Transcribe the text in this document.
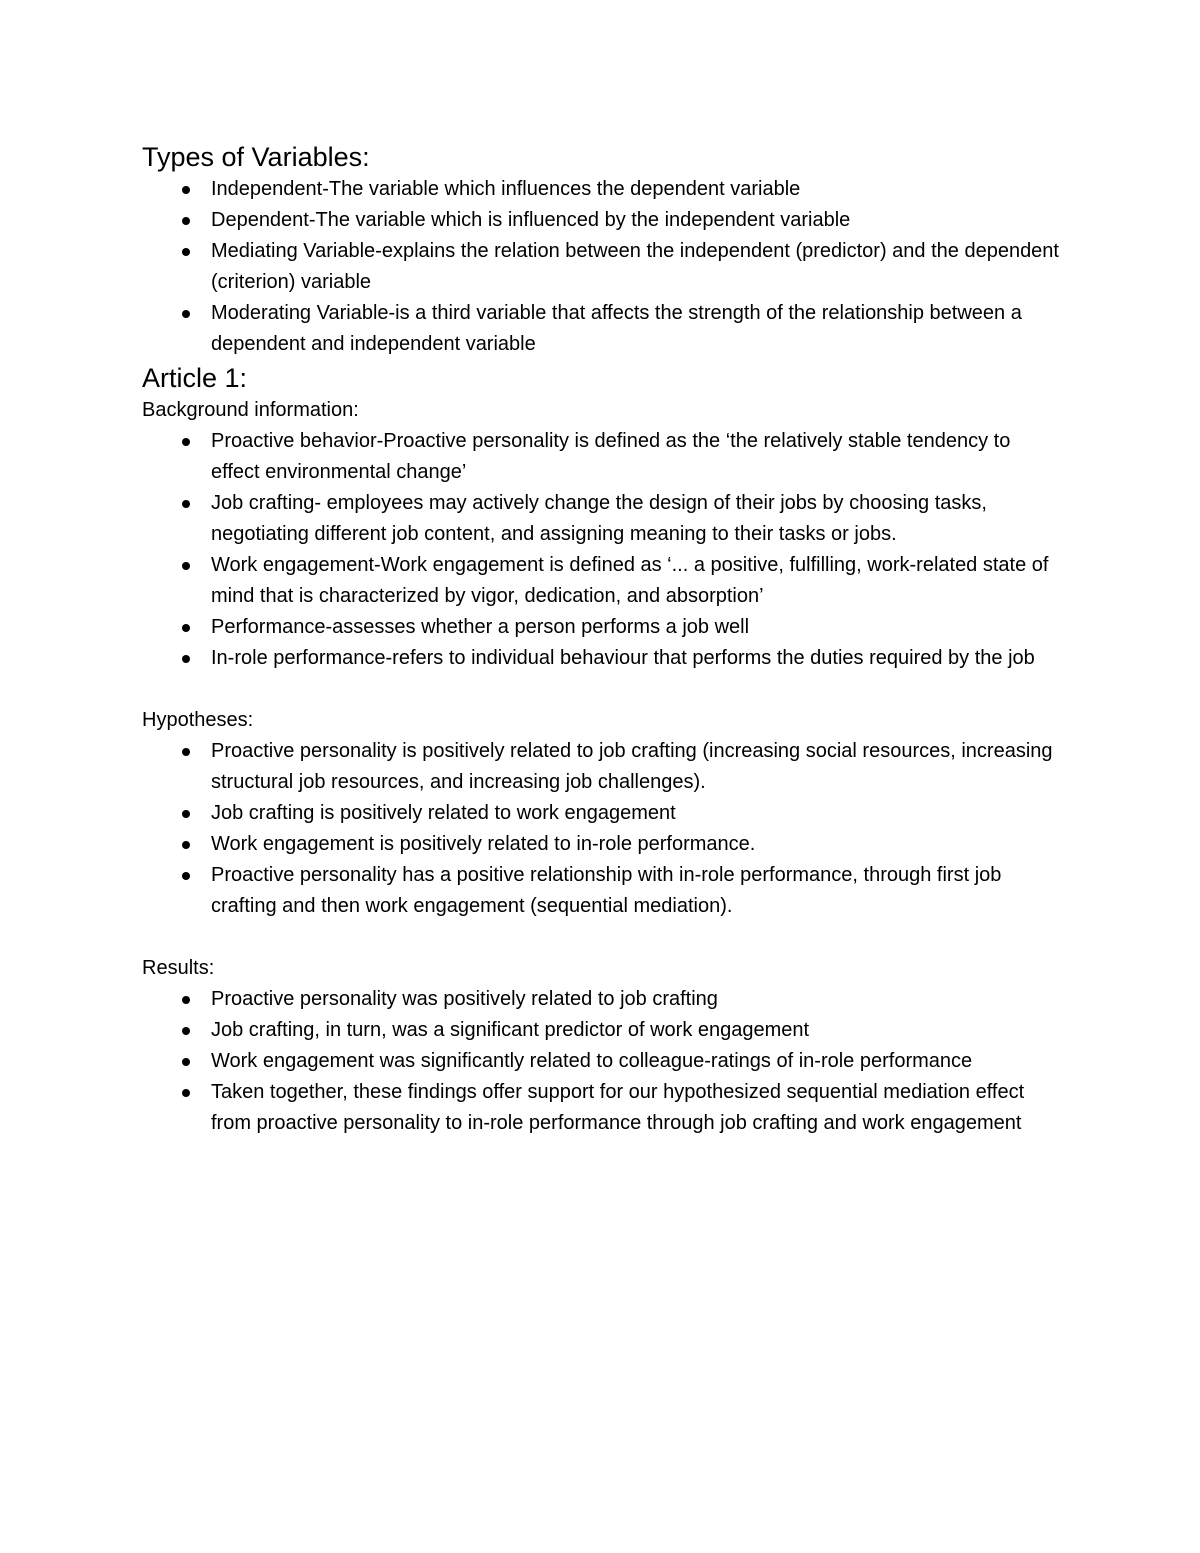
Types of Variables:
Independent-The variable which influences the dependent variable
Dependent-The variable which is influenced by the independent variable
Mediating Variable-explains the relation between the independent (predictor) and the dependent (criterion) variable
Moderating Variable-is a third variable that affects the strength of the relationship between a dependent and independent variable
Article 1:

Background information:

Proactive behavior-Proactive personality is defined as the ‘the relatively stable tendency to effect environmental change’
Job crafting- employees may actively change the design of their jobs by choosing tasks, negotiating different job content, and assigning meaning to their tasks or jobs.
Work engagement-Work engagement is defined as ‘... a positive, fulfilling, work-related state of mind that is characterized by vigor, dedication, and absorption’
Performance-assesses whether a person performs a job well
In-role performance-refers to individual behaviour that performs the duties required by the job

Hypotheses:

Proactive personality is positively related to job crafting (increasing social resources, increasing structural job resources, and increasing job challenges).
Job crafting is positively related to work engagement
Work engagement is positively related to in-role performance.
Proactive personality has a positive relationship with in-role performance, through first job crafting and then work engagement (sequential mediation).

Results:

Proactive personality was positively related to job crafting
Job crafting, in turn, was a significant predictor of work engagement
Work engagement was significantly related to colleague-ratings of in-role performance
Taken together, these findings offer support for our hypothesized sequential mediation effect from proactive personality to in-role performance through job crafting and work engagement
